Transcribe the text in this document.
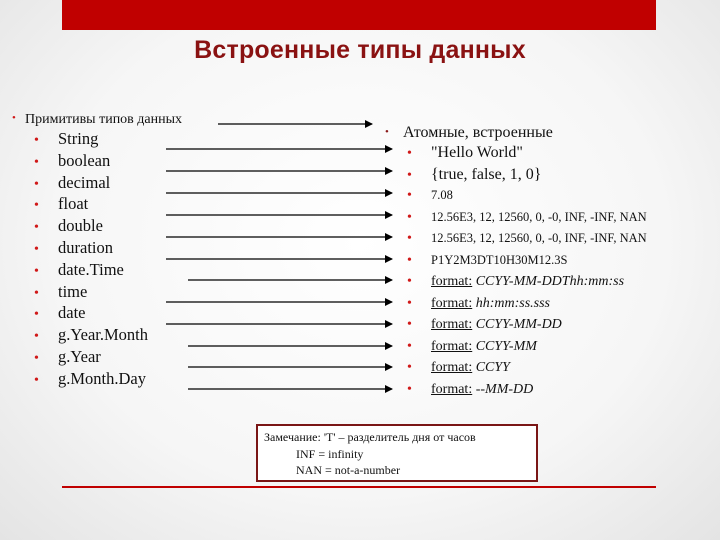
Встроенные типы данных
• Примитивы типов данных
• String
• boolean
• decimal
• float
• double
• duration
• date.Time
• time
• date
• g.Year.Month
• g.Year
• g.Month.Day
• Атомные, встроенные
• "Hello World"
• {true, false, 1, 0}
• 7.08
• 12.56E3, 12, 12560, 0, -0, INF, -INF, NAN
• 12.56E3, 12, 12560, 0, -0, INF, -INF, NAN
• P1Y2M3DT10H30M12.3S
• format: CCYY-MM-DDThh:mm:ss
• format: hh:mm:ss.sss
• format: CCYY-MM-DD
• format: CCYY-MM
• format: CCYY
• format: --MM-DD
Замечание: 'T' – разделитель дня от часов
INF = infinity
NAN = not-a-number
